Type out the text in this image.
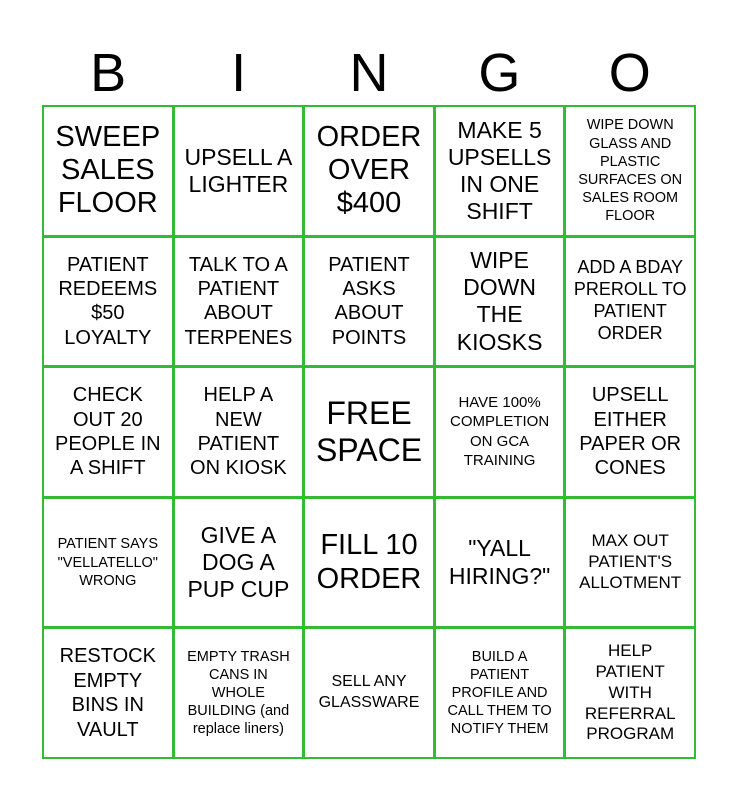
B	I	N	G	O
SWEEP SALES FLOOR
UPSELL A LIGHTER
ORDER OVER $400
MAKE 5 UPSELLS IN ONE SHIFT
WIPE DOWN GLASS AND PLASTIC SURFACES ON SALES ROOM FLOOR
PATIENT REDEEMS $50 LOYALTY
TALK TO A PATIENT ABOUT TERPENES
PATIENT ASKS ABOUT POINTS
WIPE DOWN THE KIOSKS
ADD A BDAY PREROLL TO PATIENT ORDER
CHECK OUT 20 PEOPLE IN A SHIFT
HELP A NEW PATIENT ON KIOSK
FREE SPACE
HAVE 100% COMPLETION ON GCA TRAINING
UPSELL EITHER PAPER OR CONES
PATIENT SAYS "VELLATELLO" WRONG
GIVE A DOG A PUP CUP
FILL 10 ORDER
"YALL HIRING?"
MAX OUT PATIENT'S ALLOTMENT
RESTOCK EMPTY BINS IN VAULT
EMPTY TRASH CANS IN WHOLE BUILDING (and replace liners)
SELL ANY GLASSWARE
BUILD A PATIENT PROFILE AND CALL THEM TO NOTIFY THEM
HELP PATIENT WITH REFERRAL PROGRAM
